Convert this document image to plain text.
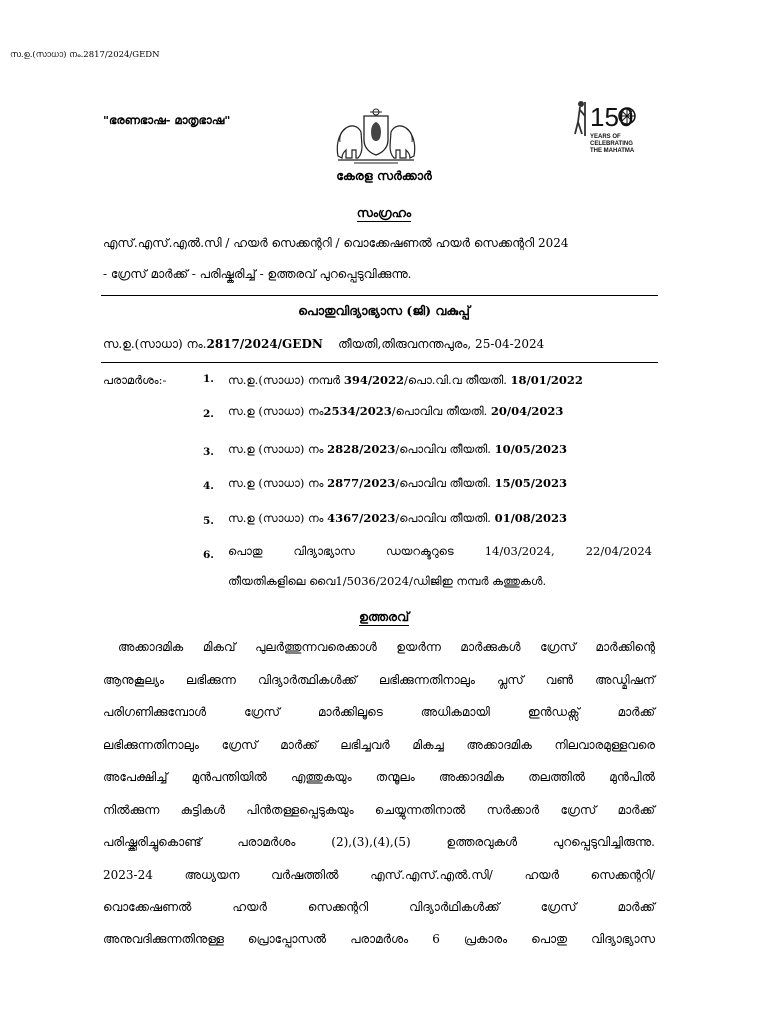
സ.ഉ.(സാധാ) നം.2817/2024/GEDN
"ഭരണഭാഷ- മാതൃഭാഷ"	150
YEARS OF
CELEBRATING
THE MAHATMA
കേരള സർക്കാർ
സംഗ്രഹം
എസ്.എസ്.എൽ.സി / ഹയർ സെക്കന്ററി / വൊക്കേഷണൽ ഹയർ സെക്കന്ററി 2024
- ഗ്രേസ് മാർക്ക് - പരിഷ്കരിച്ച് - ഉത്തരവ് പുറപ്പെടുവിക്കുന്നു.
പൊതുവിദ്യാഭ്യാസ (ജി) വകുപ്പ്
സ.ഉ.(സാധാ) നം.2817/2024/GEDN തീയതി,തിരുവനന്തപുരം, 25-04-2024
പരാമർശം:-	1. സ.ഉ.(സാധാ) നമ്പർ 394/2022/പൊ.വി.വ തീയതി. 18/01/2022
2. സ.ഉ (സാധാ) നം2534/2023/പൊവിവ തീയതി. 20/04/2023
3. സ.ഉ (സാധാ) നം 2828/2023/പൊവിവ തീയതി. 10/05/2023
4. സ.ഉ (സാധാ) നം 2877/2023/പൊവിവ തീയതി. 15/05/2023
5. സ.ഉ (സാധാ) നം 4367/2023/പൊവിവ തീയതി. 01/08/2023
6. പൊതു വിദ്യാഭ്യാസ ഡയറക്ടറുടെ 14/03/2024, 22/04/2024
തീയതികളിലെ വൈ1/5036/2024/ഡിജിഇ നമ്പർ കത്തുകൾ.
ഉത്തരവ്
അക്കാദമിക മികവ് പുലർത്തുന്നവരെക്കാൾ ഉയർന്ന മാർക്കുകൾ ഗ്രേസ് മാർക്കിന്റെ
ആനുകൂല്യം ലഭിക്കുന്ന വിദ്യാർത്ഥികൾക്ക് ലഭിക്കുന്നതിനാലും പ്ലസ് വൺ അഡ്മിഷന്
പരിഗണിക്കുമ്പോൾ ഗ്രേസ് മാർക്കിലൂടെ അധികമായി ഇൻഡക്സ് മാർക്ക്
ലഭിക്കുന്നതിനാലും ഗ്രേസ് മാർക്ക് ലഭിച്ചവർ മികച്ച അക്കാദമിക നിലവാരമുള്ളവരെ
അപേക്ഷിച്ച് മുൻപന്തിയിൽ എത്തുകയും തന്മൂലം അക്കാദമിക തലത്തിൽ മുൻപിൽ
നിൽക്കുന്ന കുട്ടികൾ പിൻതള്ളപ്പെടുകയും ചെയ്യുന്നതിനാൽ സർക്കാർ ഗ്രേസ് മാർക്ക്
പരിഷ്ക്കരിച്ചുകൊണ്ട് പരാമർശം (2),(3),(4),(5) ഉത്തരവുകൾ പുറപ്പെടുവിച്ചിരുന്നു.
2023-24 അധ്യയന വർഷത്തിൽ എസ്.എസ്.എൽ.സി/ ഹയർ സെക്കന്ററി/
വൊക്കേഷണൽ ഹയർ സെക്കന്ററി വിദ്യാർഥികൾക്ക് ഗ്രേസ് മാർക്ക്
അനുവദിക്കുന്നതിനുള്ള പ്രൊപ്പോസൽ പരാമർശം 6 പ്രകാരം പൊതു വിദ്യാഭ്യാസ
